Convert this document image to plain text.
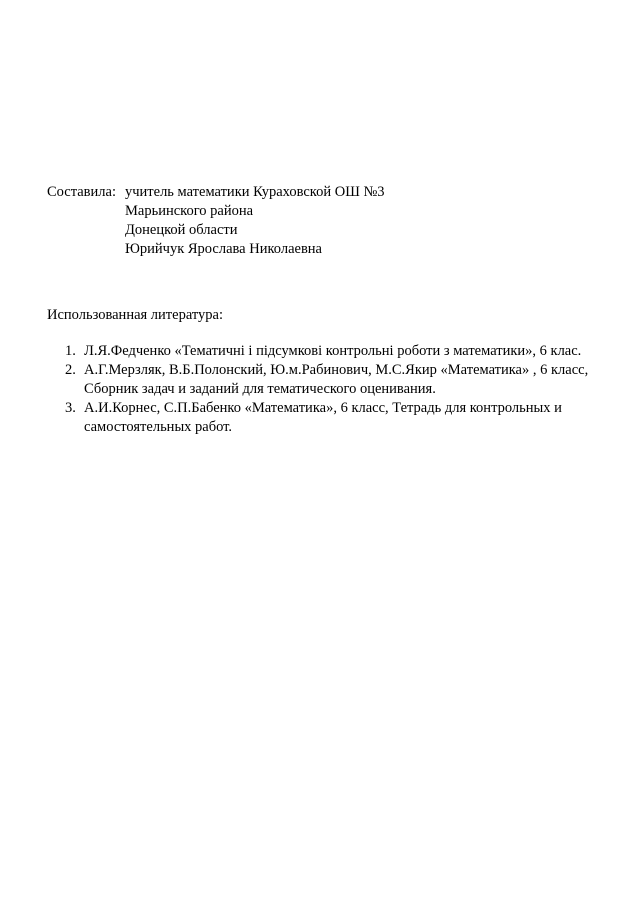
Составила: учитель математики Кураховской ОШ №3
Марьинского района
Донецкой области
Юрийчук Ярослава Николаевна
Использованная литература:
1. Л.Я.Федченко «Тематичні і підсумкові контрольні роботи з математики», 6 клас.
2. А.Г.Мерзляк, В.Б.Полонский, Ю.м.Рабинович, М.С.Якир «Математика» , 6 класс, Сборник задач и заданий для тематического оценивания.
3. А.И.Корнес, С.П.Бабенко «Математика», 6 класс, Тетрадь для контрольных и самостоятельных работ.
